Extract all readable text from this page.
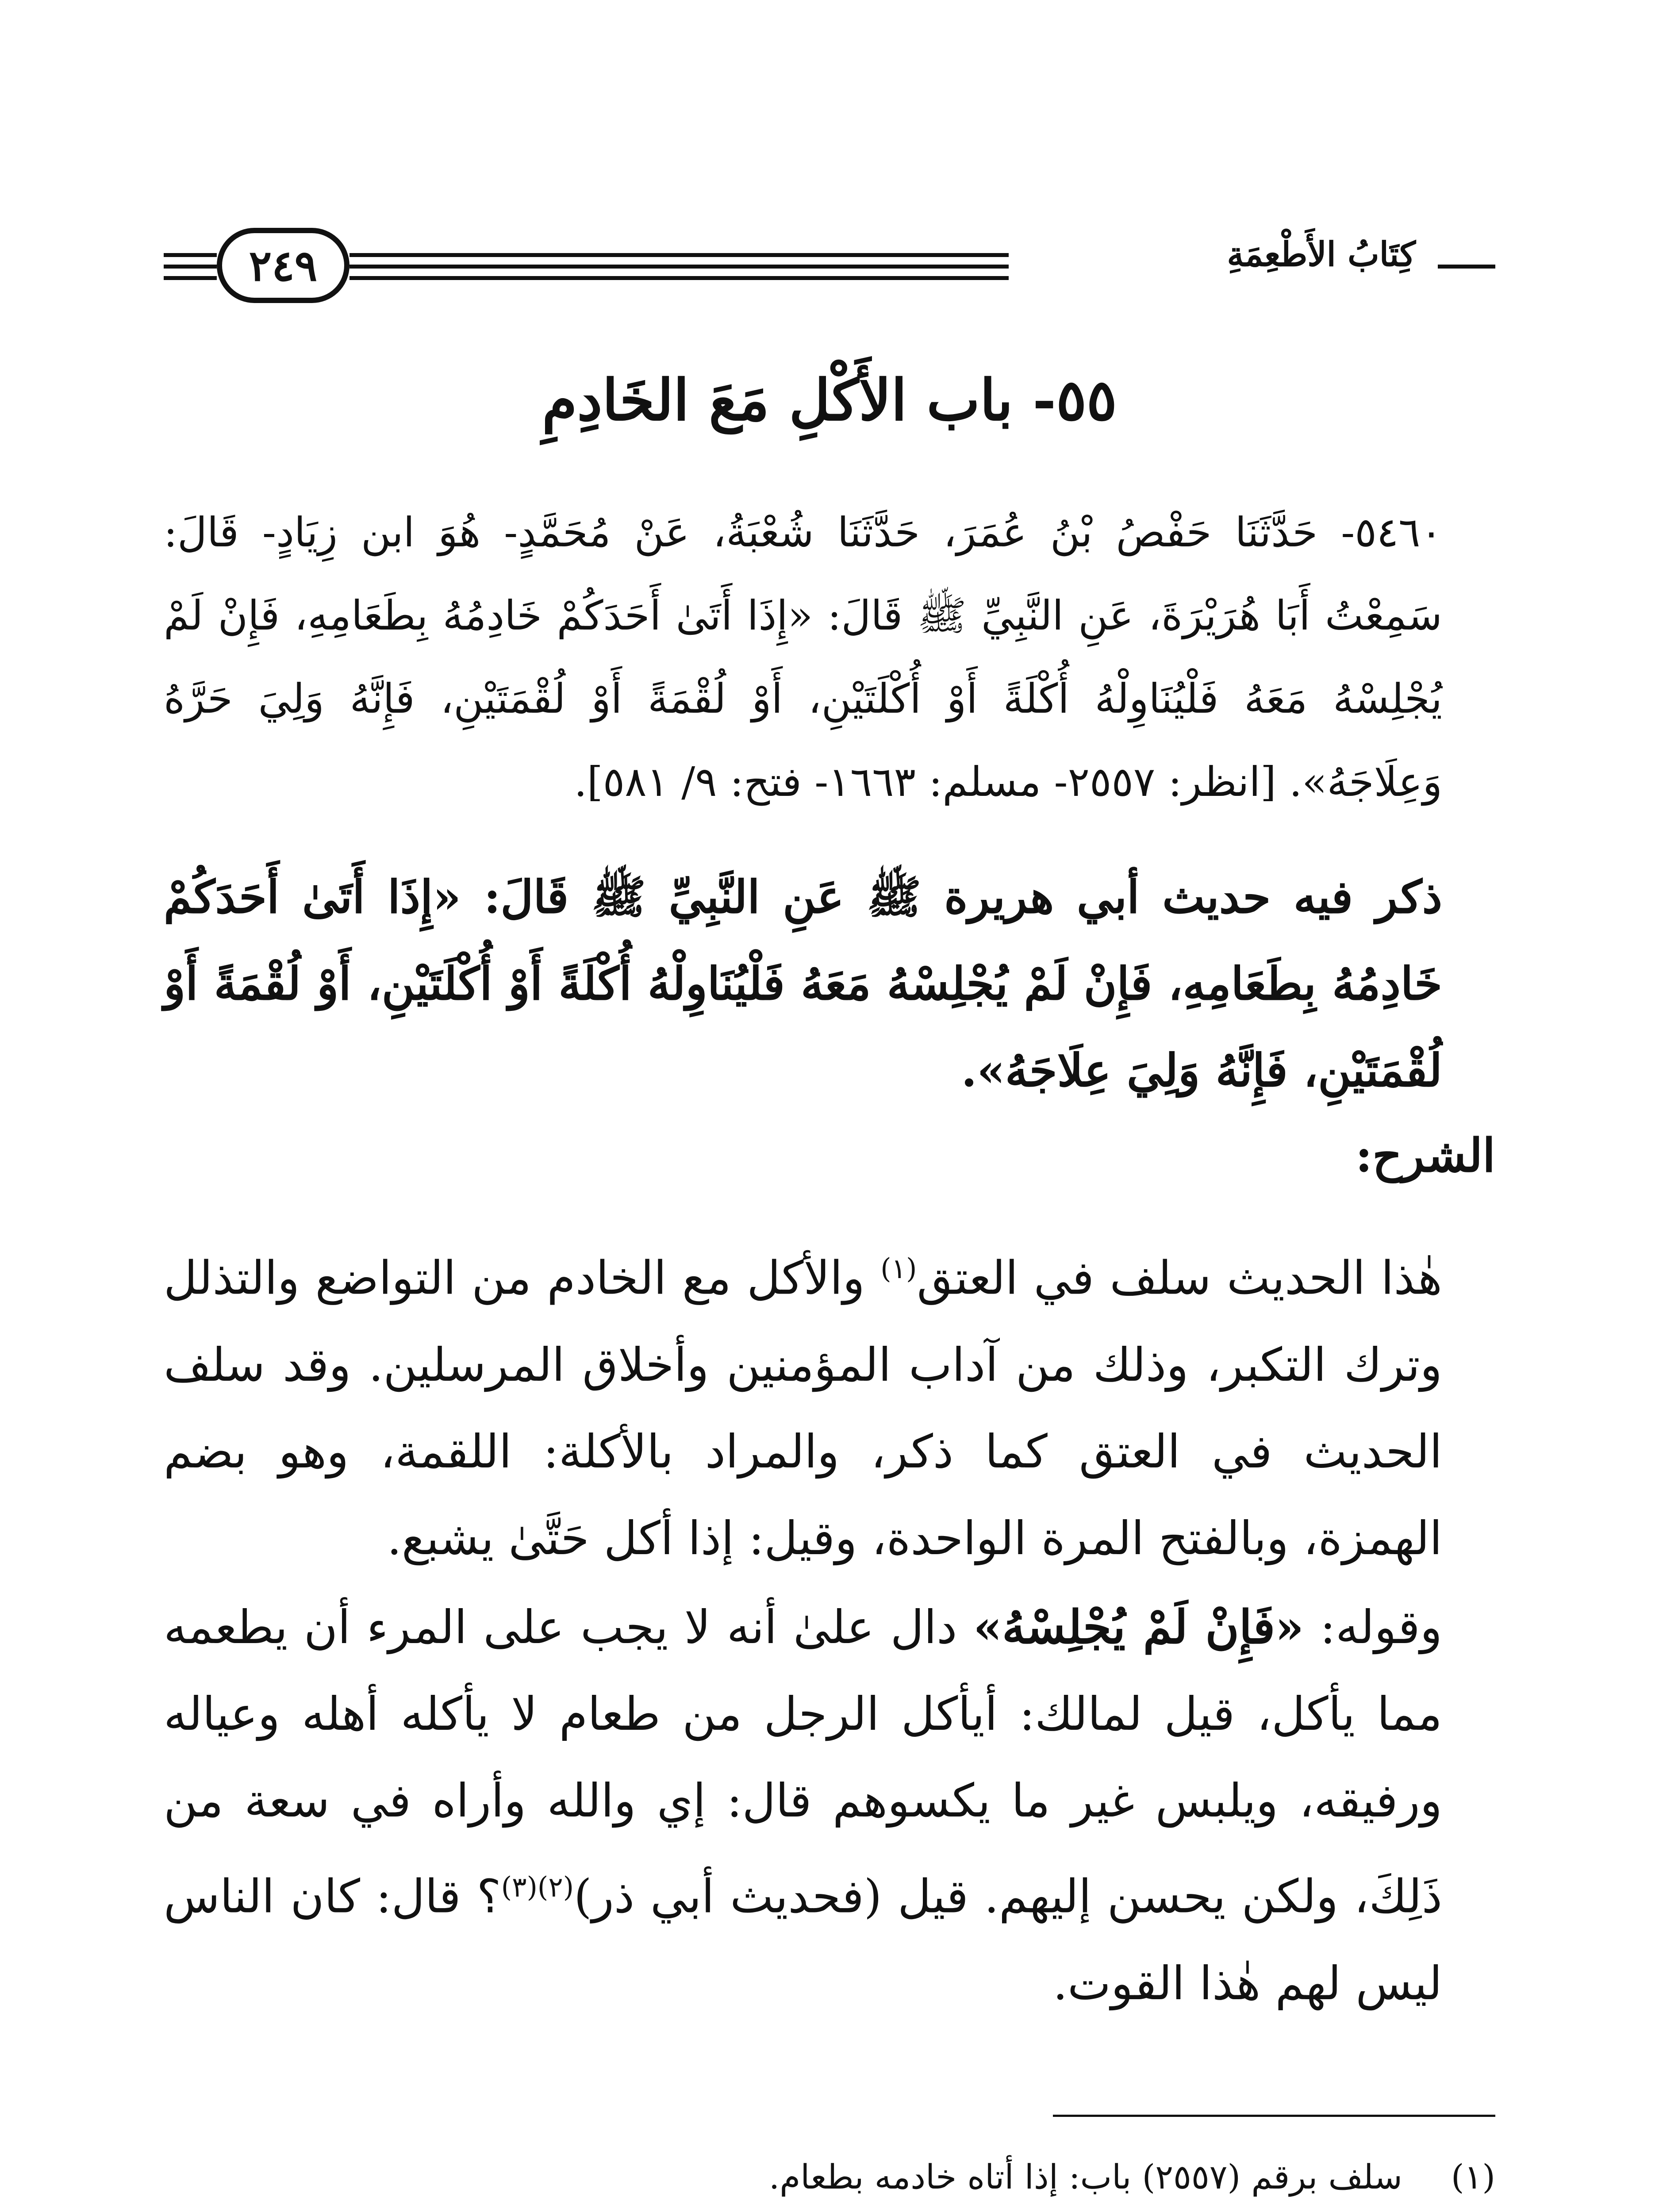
كِتَابُ الأَطْعِمَةِ
٢٤٩
٥٥- باب الأَكْلِ مَعَ الخَادِمِ

٥٤٦٠- حَدَّثَنَا حَفْصُ بْنُ عُمَرَ، حَدَّثَنَا شُعْبَةُ، عَنْ مُحَمَّدٍ- هُوَ ابن زِيَادٍ- قَالَ: سَمِعْتُ أَبَا هُرَيْرَةَ، عَنِ النَّبِيِّ ﷺ قَالَ: «إِذَا أَتَىٰ أَحَدَكُمْ خَادِمُهُ بِطَعَامِهِ، فَإِنْ لَمْ يُجْلِسْهُ مَعَهُ فَلْيُنَاوِلْهُ أُكْلَةً أَوْ أُكْلَتَيْنِ، أَوْ لُقْمَةً أَوْ لُقْمَتَيْنِ، فَإِنَّهُ وَلِيَ حَرَّهُ وَعِلَاجَهُ». [انظر: ٢٥٥٧- مسلم: ١٦٦٣- فتح: ٩/ ٥٨١].

ذكر فيه حديث أبي هريرة ﷺ عَنِ النَّبِيِّ ﷺ قَالَ: «إِذَا أَتَىٰ أَحَدَكُمْ خَادِمُهُ بِطَعَامِهِ، فَإِنْ لَمْ يُجْلِسْهُ مَعَهُ فَلْيُنَاوِلْهُ أُكْلَةً أَوْ أُكْلَتَيْنِ، أَوْ لُقْمَةً أَوْ لُقْمَتَيْنِ، فَإِنَّهُ وَلِيَ عِلَاجَهُ».

الشرح:

هٰذا الحديث سلف في العتق$^{(١)}$ والأكل مع الخادم من التواضع والتذلل وترك التكبر، وذلك من آداب المؤمنين وأخلاق المرسلين. وقد سلف الحديث في العتق كما ذكر، والمراد بالأكلة: اللقمة، وهو بضم الهمزة، وبالفتح المرة الواحدة، وقيل: إذا أكل حَتَّىٰ يشبع.

وقوله: «فَإِنْ لَمْ يُجْلِسْهُ» دال علىٰ أنه لا يجب على المرء أن يطعمه مما يأكل، قيل لمالك: أيأكل الرجل من طعام لا يأكله أهله وعياله ورفيقه، ويلبس غير ما يكسوهم قال: إي والله وأراه في سعة من ذَلِكَ، ولكن يحسن إليهم. قيل (فحديث أبي ذر)$^{(٢)(٣)}$؟ قال: كان الناس ليس لهم هٰذا القوت.

(١)
سلف برقم (٢٥٥٧) باب: إذا أتاه خادمه بطعام.
